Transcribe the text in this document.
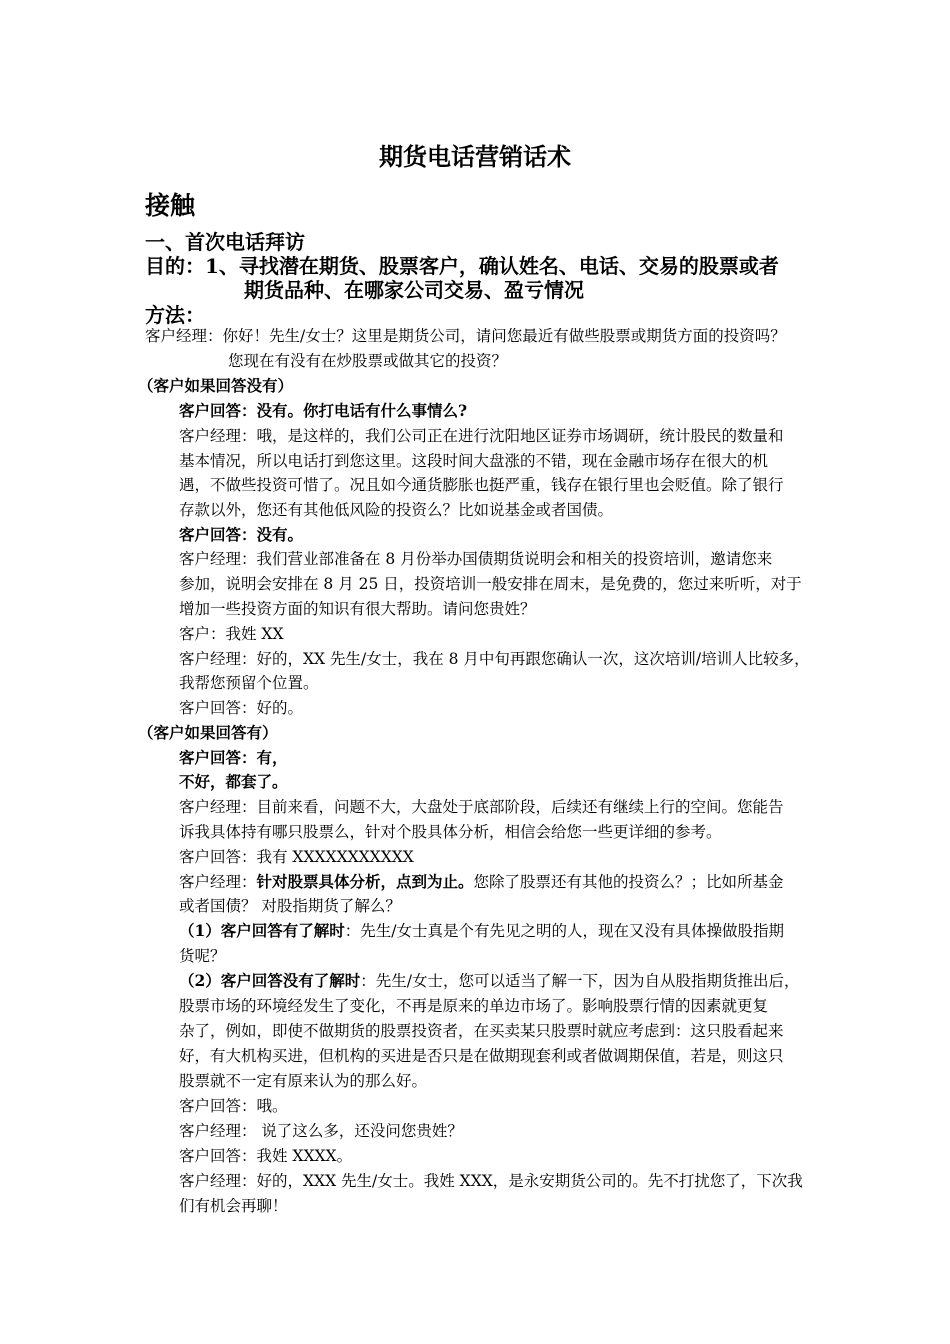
期货电话营销话术

接触

一、首次电话拜访

目的：1、寻找潜在期货、股票客户，确认姓名、电话、交易的股票或者

期货品种、在哪家公司交易、盈亏情况

方法：

客户经理：你好！先生/女士？这里是期货公司，请问您最近有做些股票或期货方面的投资吗？

您现在有没有在炒股票或做其它的投资？

（客户如果回答没有）

客户回答：没有。你打电话有什么事情么?

客户经理：哦，是这样的，我们公司正在进行沈阳地区证券市场调研，统计股民的数量和

基本情况，所以电话打到您这里。这段时间大盘涨的不错，现在金融市场存在很大的机

遇，不做些投资可惜了。况且如今通货膨胀也挺严重，钱存在银行里也会贬值。除了银行

存款以外，您还有其他低风险的投资么？比如说基金或者国债。

客户回答：没有。

客户经理：我们营业部准备在 8 月份举办国债期货说明会和相关的投资培训，邀请您来

参加，说明会安排在 8 月 25 日，投资培训一般安排在周末，是免费的，您过来听听，对于

增加一些投资方面的知识有很大帮助。请问您贵姓？

客户：我姓 XX

客户经理：好的，XX 先生/女士，我在 8 月中旬再跟您确认一次，这次培训/培训人比较多，

我帮您预留个位置。

客户回答：好的。

（客户如果回答有）

客户回答：有，

不好，都套了。

客户经理：目前来看，问题不大，大盘处于底部阶段，后续还有继续上行的空间。您能告

诉我具体持有哪只股票么，针对个股具体分析，相信会给您一些更详细的参考。

客户回答：我有 XXXXXXXXXXX

客户经理：针对股票具体分析，点到为止。您除了股票还有其他的投资么？；比如所基金

或者国债？ 对股指期货了解么？

（1）客户回答有了解时：先生/女士真是个有先见之明的人，现在又没有具体操做股指期

货呢？

（2）客户回答没有了解时：先生/女士，您可以适当了解一下，因为自从股指期货推出后，

股票市场的环境经发生了变化，不再是原来的单边市场了。影响股票行情的因素就更复

杂了，例如，即使不做期货的股票投资者，在买卖某只股票时就应考虑到：这只股看起来

好，有大机构买进，但机构的买进是否只是在做期现套利或者做调期保值，若是，则这只

股票就不一定有原来认为的那么好。

客户回答：哦。

客户经理： 说了这么多，还没问您贵姓？

客户回答：我姓 XXXX。

客户经理：好的，XXX 先生/女士。我姓 XXX，是永安期货公司的。先不打扰您了，下次我

们有机会再聊！
